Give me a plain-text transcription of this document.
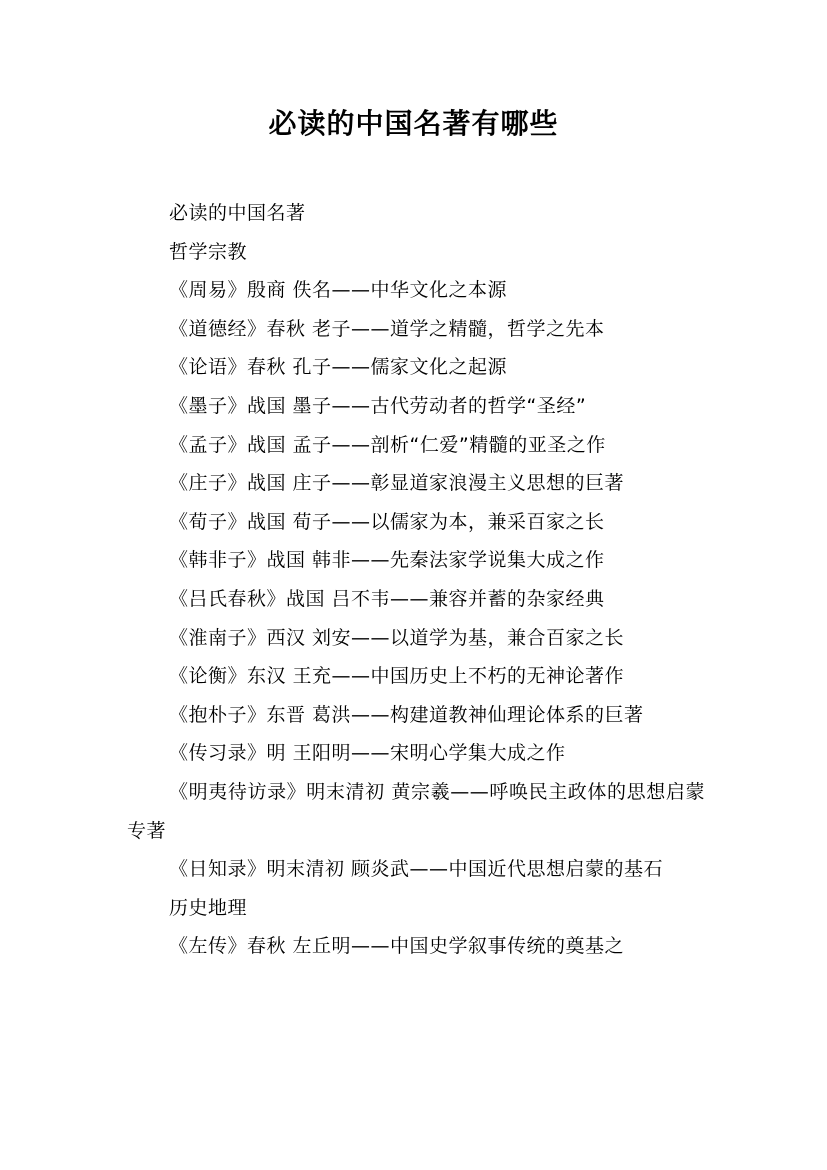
必读的中国名著有哪些

必读的中国名著

哲学宗教

《周易》殷商 佚名——中华文化之本源

《道德经》春秋 老子——道学之精髓，哲学之先本

《论语》春秋 孔子——儒家文化之起源

《墨子》战国 墨子——古代劳动者的哲学“圣经”

《孟子》战国 孟子——剖析“仁爱”精髓的亚圣之作

《庄子》战国 庄子——彰显道家浪漫主义思想的巨著

《荀子》战国 荀子——以儒家为本，兼采百家之长

《韩非子》战国 韩非——先秦法家学说集大成之作

《吕氏春秋》战国 吕不韦——兼容并蓄的杂家经典

《淮南子》西汉 刘安——以道学为基，兼合百家之长

《论衡》东汉 王充——中国历史上不朽的无神论著作

《抱朴子》东晋 葛洪——构建道教神仙理论体系的巨著

《传习录》明 王阳明——宋明心学集大成之作

《明夷待访录》明末清初 黄宗羲——呼唤民主政体的思想启蒙专著

《日知录》明末清初 顾炎武——中国近代思想启蒙的基石

历史地理

《左传》春秋 左丘明——中国史学叙事传统的奠基之
